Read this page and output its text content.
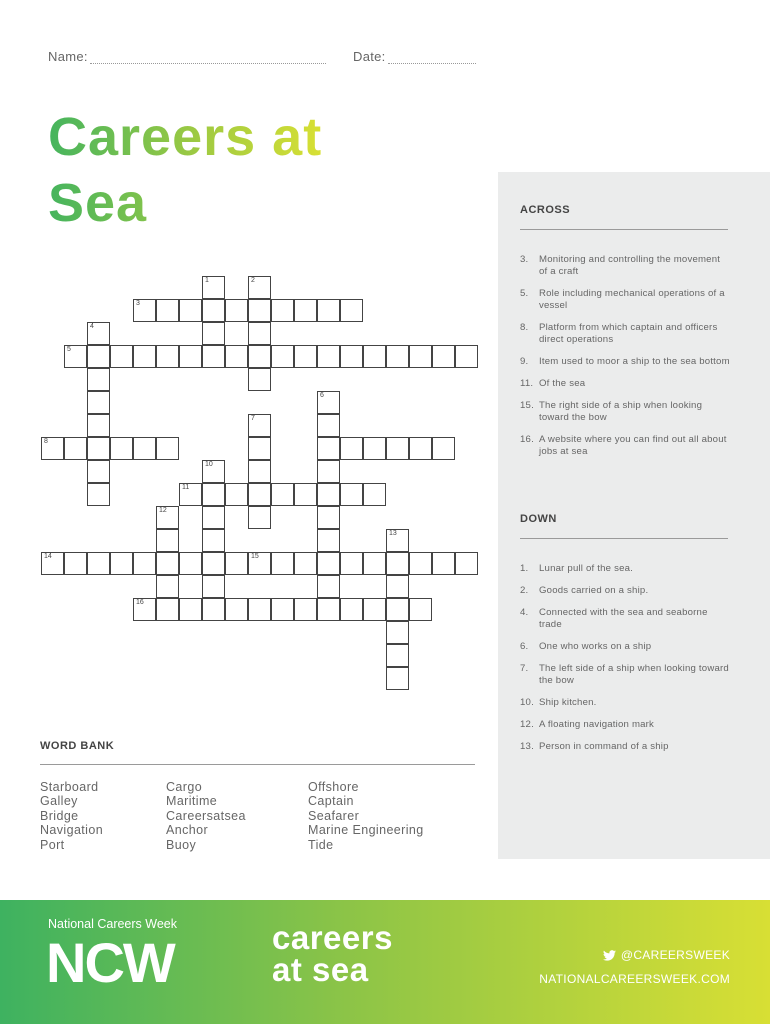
Name:	Date:
Careers at
Sea
3
5
7
8
11
14	15
16
1	2
4
6
10
12
13
ACROSS
3.	Monitoring and controlling the movement of a craft
5.	Role including mechanical operations of a vessel
8.	Platform from which captain and officers direct operations
9.	Item used to moor a ship to the sea bottom
11. Of the sea
15. The right side of a ship when looking toward the bow
16. A website where you can find out all about jobs at sea
DOWN
1.	Lunar pull of the sea.
2.	Goods carried on a ship.
4.	Connected with the sea and seaborne trade
6.	One who works on a ship
7.	The left side of a ship when looking toward the bow
10. Ship kitchen.
12. A floating navigation mark
13. Person in command of a ship
WORD BANK
Starboard
Galley
Bridge
Navigation
Port
Cargo
Maritime
Careersatsea
Anchor
Buoy
Offshore
Captain
Seafarer
Marine Engineering
Tide
National Careers Week
NCW	careers
at sea	@CAREERSWEEK
NATIONALCAREERSWEEK.COM
